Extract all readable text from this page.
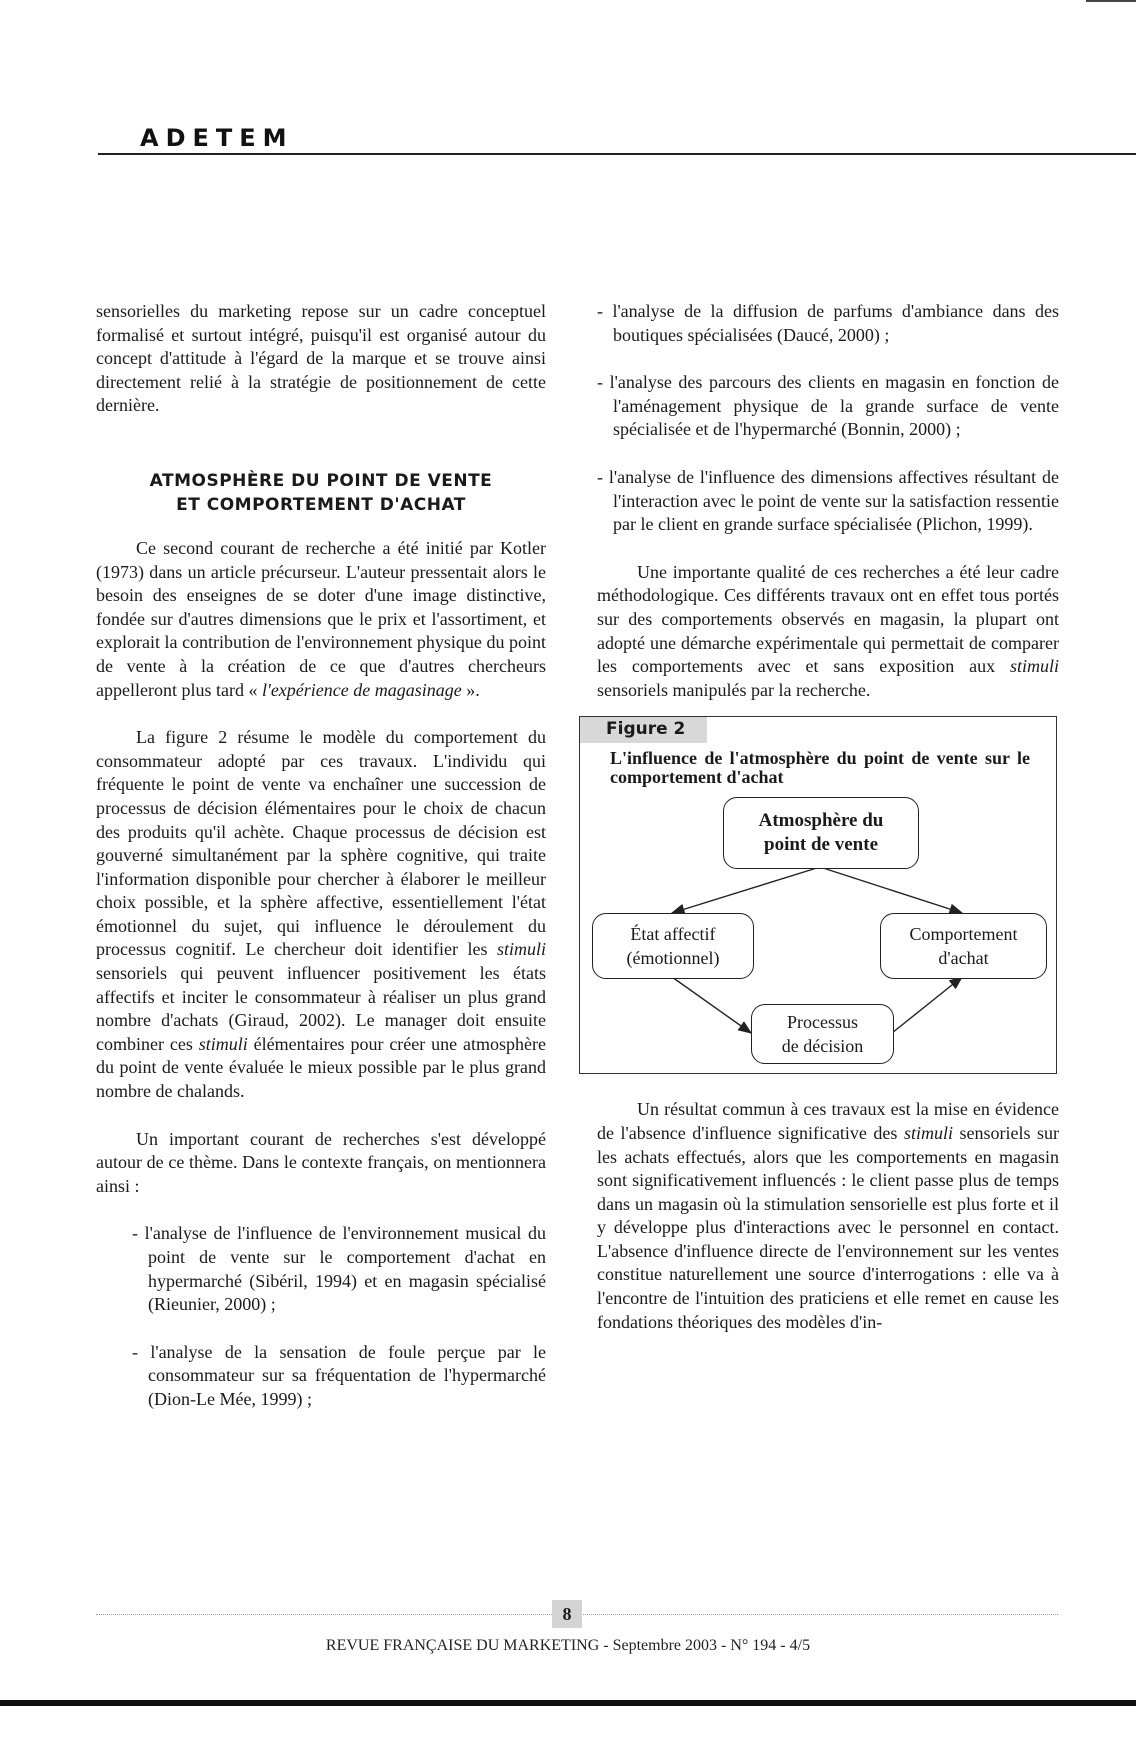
ADETEM

sensorielles du marketing repose sur un cadre conceptuel formalisé et surtout intégré, puisqu'il est organisé autour du concept d'attitude à l'égard de la marque et se trouve ainsi directement relié à la stratégie de positionnement de cette dernière.

ATMOSPHÈRE DU POINT DE VENTE
ET COMPORTEMENT D'ACHAT

Ce second courant de recherche a été initié par Kotler (1973) dans un article précurseur. L'auteur pressentait alors le besoin des enseignes de se doter d'une image distinctive, fondée sur d'autres dimensions que le prix et l'assortiment, et explorait la contribution de l'environnement physique du point de vente à la création de ce que d'autres chercheurs appelleront plus tard « l'expérience de magasinage ».

La figure 2 résume le modèle du comportement du consommateur adopté par ces travaux. L'individu qui fréquente le point de vente va enchaîner une succession de processus de décision élémentaires pour le choix de chacun des produits qu'il achète. Chaque processus de décision est gouverné simultanément par la sphère cognitive, qui traite l'information disponible pour chercher à élaborer le meilleur choix possible, et la sphère affective, essentiellement l'état émotionnel du sujet, qui influence le déroulement du processus cognitif. Le chercheur doit identifier les stimuli sensoriels qui peuvent influencer positivement les états affectifs et inciter le consommateur à réaliser un plus grand nombre d'achats (Giraud, 2002). Le manager doit ensuite combiner ces stimuli élémentaires pour créer une atmosphère du point de vente évaluée le mieux possible par le plus grand nombre de chalands.

Un important courant de recherches s'est développé autour de ce thème. Dans le contexte français, on mentionnera ainsi :

- l'analyse de l'influence de l'environnement musical du point de vente sur le comportement d'achat en hypermarché (Sibéril, 1994) et en magasin spécialisé (Rieunier, 2000) ;
- l'analyse de la sensation de foule perçue par le consommateur sur sa fréquentation de l'hypermarché (Dion-Le Mée, 1999) ;
- l'analyse de la diffusion de parfums d'ambiance dans des boutiques spécialisées (Daucé, 2000) ;
- l'analyse des parcours des clients en magasin en fonction de l'aménagement physique de la grande surface de vente spécialisée et de l'hypermarché (Bonnin, 2000) ;
- l'analyse de l'influence des dimensions affectives résultant de l'interaction avec le point de vente sur la satisfaction ressentie par le client en grande surface spécialisée (Plichon, 1999).

Une importante qualité de ces recherches a été leur cadre méthodologique. Ces différents travaux ont en effet tous portés sur des comportements observés en magasin, la plupart ont adopté une démarche expérimentale qui permettait de comparer les comportements avec et sans exposition aux stimuli sensoriels manipulés par la recherche.

Figure 2
L'influence de l'atmosphère du point de vente sur le comportement d'achat
Atmosphère du
point de vente
État affectif
(émotionnel)
Comportement
d'achat
Processus
de décision

Un résultat commun à ces travaux est la mise en évidence de l'absence d'influence significative des stimuli sensoriels sur les achats effectués, alors que les comportements en magasin sont significativement influencés : le client passe plus de temps dans un magasin où la stimulation sensorielle est plus forte et il y développe plus d'interactions avec le personnel en contact. L'absence d'influence directe de l'environnement sur les ventes constitue naturellement une source d'interrogations : elle va à l'encontre de l'intuition des praticiens et elle remet en cause les fondations théoriques des modèles d'in-

8
REVUE FRANÇAISE DU MARKETING - Septembre 2003 - N° 194 - 4/5
